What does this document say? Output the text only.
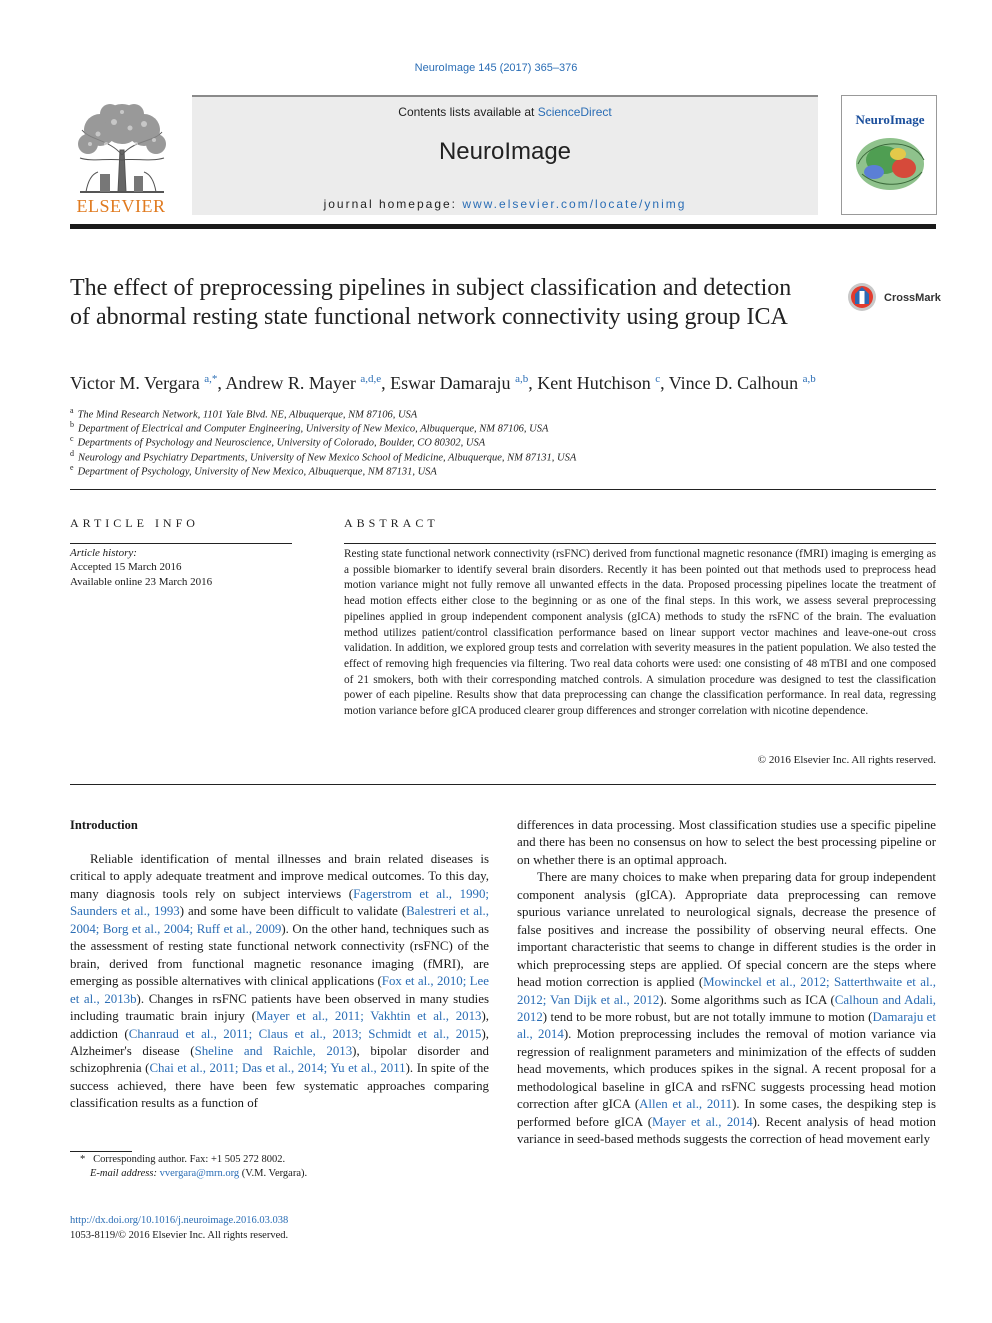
NeuroImage 145 (2017) 365–376
Contents lists available at ScienceDirect
NeuroImage
journal homepage: www.elsevier.com/locate/ynimg
ELSEVIER
NeuroImage
The effect of preprocessing pipelines in subject classification and detection of abnormal resting state functional network connectivity using group ICA
CrossMark
Victor M. Vergara $^{a,*}$, Andrew R. Mayer $^{a,d,e}$, Eswar Damaraju $^{a,b}$, Kent Hutchison $^c$, Vince D. Calhoun $^{a,b}$
$^a$ The Mind Research Network, 1101 Yale Blvd. NE, Albuquerque, NM 87106, USA
$^b$ Department of Electrical and Computer Engineering, University of New Mexico, Albuquerque, NM 87106, USA
$^c$ Departments of Psychology and Neuroscience, University of Colorado, Boulder, CO 80302, USA
$^d$ Neurology and Psychiatry Departments, University of New Mexico School of Medicine, Albuquerque, NM 87131, USA
$^e$ Department of Psychology, University of New Mexico, Albuquerque, NM 87131, USA
ARTICLE INFO
Article history:
Accepted 15 March 2016
Available online 23 March 2016
ABSTRACT
Resting state functional network connectivity (rsFNC) derived from functional magnetic resonance (fMRI) imaging is emerging as a possible biomarker to identify several brain disorders. Recently it has been pointed out that methods used to preprocess head motion variance might not fully remove all unwanted effects in the data. Proposed processing pipelines locate the treatment of head motion effects either close to the beginning or as one of the final steps. In this work, we assess several preprocessing pipelines applied in group independent component analysis (gICA) methods to study the rsFNC of the brain. The evaluation method utilizes patient/control classification performance based on linear support vector machines and leave-one-out cross validation. In addition, we explored group tests and correlation with severity measures in the patient population. We also tested the effect of removing high frequencies via filtering. Two real data cohorts were used: one consisting of 48 mTBI and one composed of 21 smokers, both with their corresponding matched controls. A simulation procedure was designed to test the classification power of each pipeline. Results show that data preprocessing can change the classification performance. In real data, regressing motion variance before gICA produced clearer group differences and stronger correlation with nicotine dependence.
© 2016 Elsevier Inc. All rights reserved.
Introduction

Reliable identification of mental illnesses and brain related diseases is critical to apply adequate treatment and improve medical outcomes. To this day, many diagnosis tools rely on subject interviews (Fagerstrom et al., 1990; Saunders et al., 1993) and some have been difficult to validate (Balestreri et al., 2004; Borg et al., 2004; Ruff et al., 2009). On the other hand, techniques such as the assessment of resting state functional network connectivity (rsFNC) of the brain, derived from functional magnetic resonance imaging (fMRI), are emerging as possible alternatives with clinical applications (Fox et al., 2010; Lee et al., 2013b). Changes in rsFNC patients have been observed in many studies including traumatic brain injury (Mayer et al., 2011; Vakhtin et al., 2013), addiction (Chanraud et al., 2011; Claus et al., 2013; Schmidt et al., 2015), Alzheimer's disease (Sheline and Raichle, 2013), bipolar disorder and schizophrenia (Chai et al., 2011; Das et al., 2014; Yu et al., 2011). In spite of the success achieved, there have been few systematic approaches comparing classification results as a function of

differences in data processing. Most classification studies use a specific pipeline and there has been no consensus on how to select the best processing pipeline or on whether there is an optimal approach.

There are many choices to make when preparing data for group independent component analysis (gICA). Appropriate data preprocessing can remove spurious variance unrelated to neurological signals, decrease the presence of false positives and increase the possibility of observing neural effects. One important characteristic that seems to change in different studies is the order in which preprocessing steps are applied. Of special concern are the steps where head motion correction is applied (Mowinckel et al., 2012; Satterthwaite et al., 2012; Van Dijk et al., 2012). Some algorithms such as ICA (Calhoun and Adali, 2012) tend to be more robust, but are not totally immune to motion (Damaraju et al., 2014). Motion preprocessing includes the removal of motion variance via regression of realignment parameters and minimization of the effects of sudden head movements, which produces spikes in the signal. A recent proposal for a methodological baseline in gICA and rsFNC suggests processing head motion correction after gICA (Allen et al., 2011). In some cases, the despiking step is performed before gICA (Mayer et al., 2014). Recent analysis of head motion variance in seed-based methods suggests the correction of head movement early

* Corresponding author. Fax: +1 505 272 8002.
E-mail address: vvergara@mrn.org (V.M. Vergara).
http://dx.doi.org/10.1016/j.neuroimage.2016.03.038
1053-8119/© 2016 Elsevier Inc. All rights reserved.
